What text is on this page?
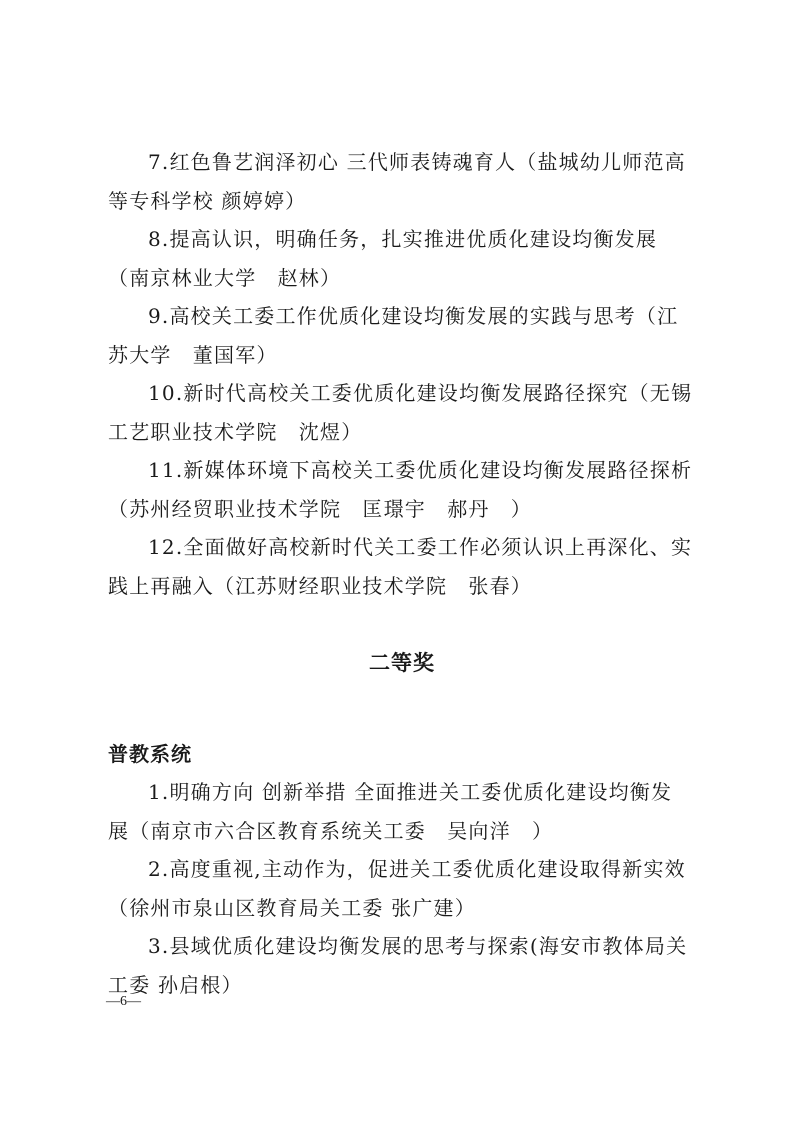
7.红色鲁艺润泽初心 三代师表铸魂育人（盐城幼儿师范高
等专科学校 颜婷婷）

8.提高认识，明确任务，扎实推进优质化建设均衡发展
（南京林业大学　赵林）

9.高校关工委工作优质化建设均衡发展的实践与思考（江
苏大学　董国军）

10.新时代高校关工委优质化建设均衡发展路径探究（无锡
工艺职业技术学院　沈煜）

11.新媒体环境下高校关工委优质化建设均衡发展路径探析
（苏州经贸职业技术学院　匡璟宇　郝丹　）

12.全面做好高校新时代关工委工作必须认识上再深化、实
践上再融入（江苏财经职业技术学院　张春）

二等奖
普教系统

1.明确方向 创新举措 全面推进关工委优质化建设均衡发
展（南京市六合区教育系统关工委　吴向洋　）

2.高度重视,主动作为，促进关工委优质化建设取得新实效
（徐州市泉山区教育局关工委 张广建）

3.县域优质化建设均衡发展的思考与探索(海安市教体局关
工委 孙启根）

—6—
